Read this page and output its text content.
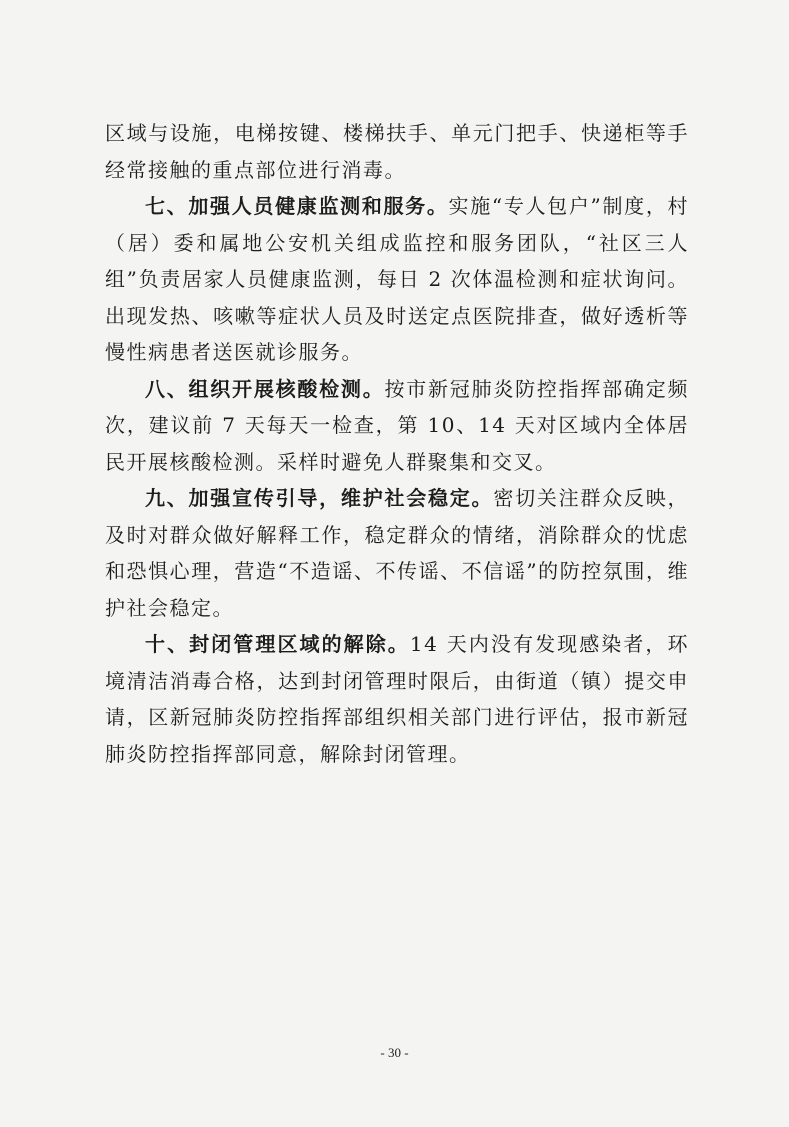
区域与设施，电梯按键、楼梯扶手、单元门把手、快递柜等手经常接触的重点部位进行消毒。

七、加强人员健康监测和服务。实施“专人包户”制度，村（居）委和属地公安机关组成监控和服务团队，“社区三人组”负责居家人员健康监测，每日 2 次体温检测和症状询问。出现发热、咳嗽等症状人员及时送定点医院排查，做好透析等慢性病患者送医就诊服务。

八、组织开展核酸检测。按市新冠肺炎防控指挥部确定频次，建议前 7 天每天一检查，第 10、14 天对区域内全体居民开展核酸检测。采样时避免人群聚集和交叉。

九、加强宣传引导，维护社会稳定。密切关注群众反映，及时对群众做好解释工作，稳定群众的情绪，消除群众的忧虑和恐惧心理，营造“不造谣、不传谣、不信谣”的防控氛围，维护社会稳定。

十、封闭管理区域的解除。14 天内没有发现感染者，环境清洁消毒合格，达到封闭管理时限后，由街道（镇）提交申请，区新冠肺炎防控指挥部组织相关部门进行评估，报市新冠肺炎防控指挥部同意，解除封闭管理。

- 30 -
